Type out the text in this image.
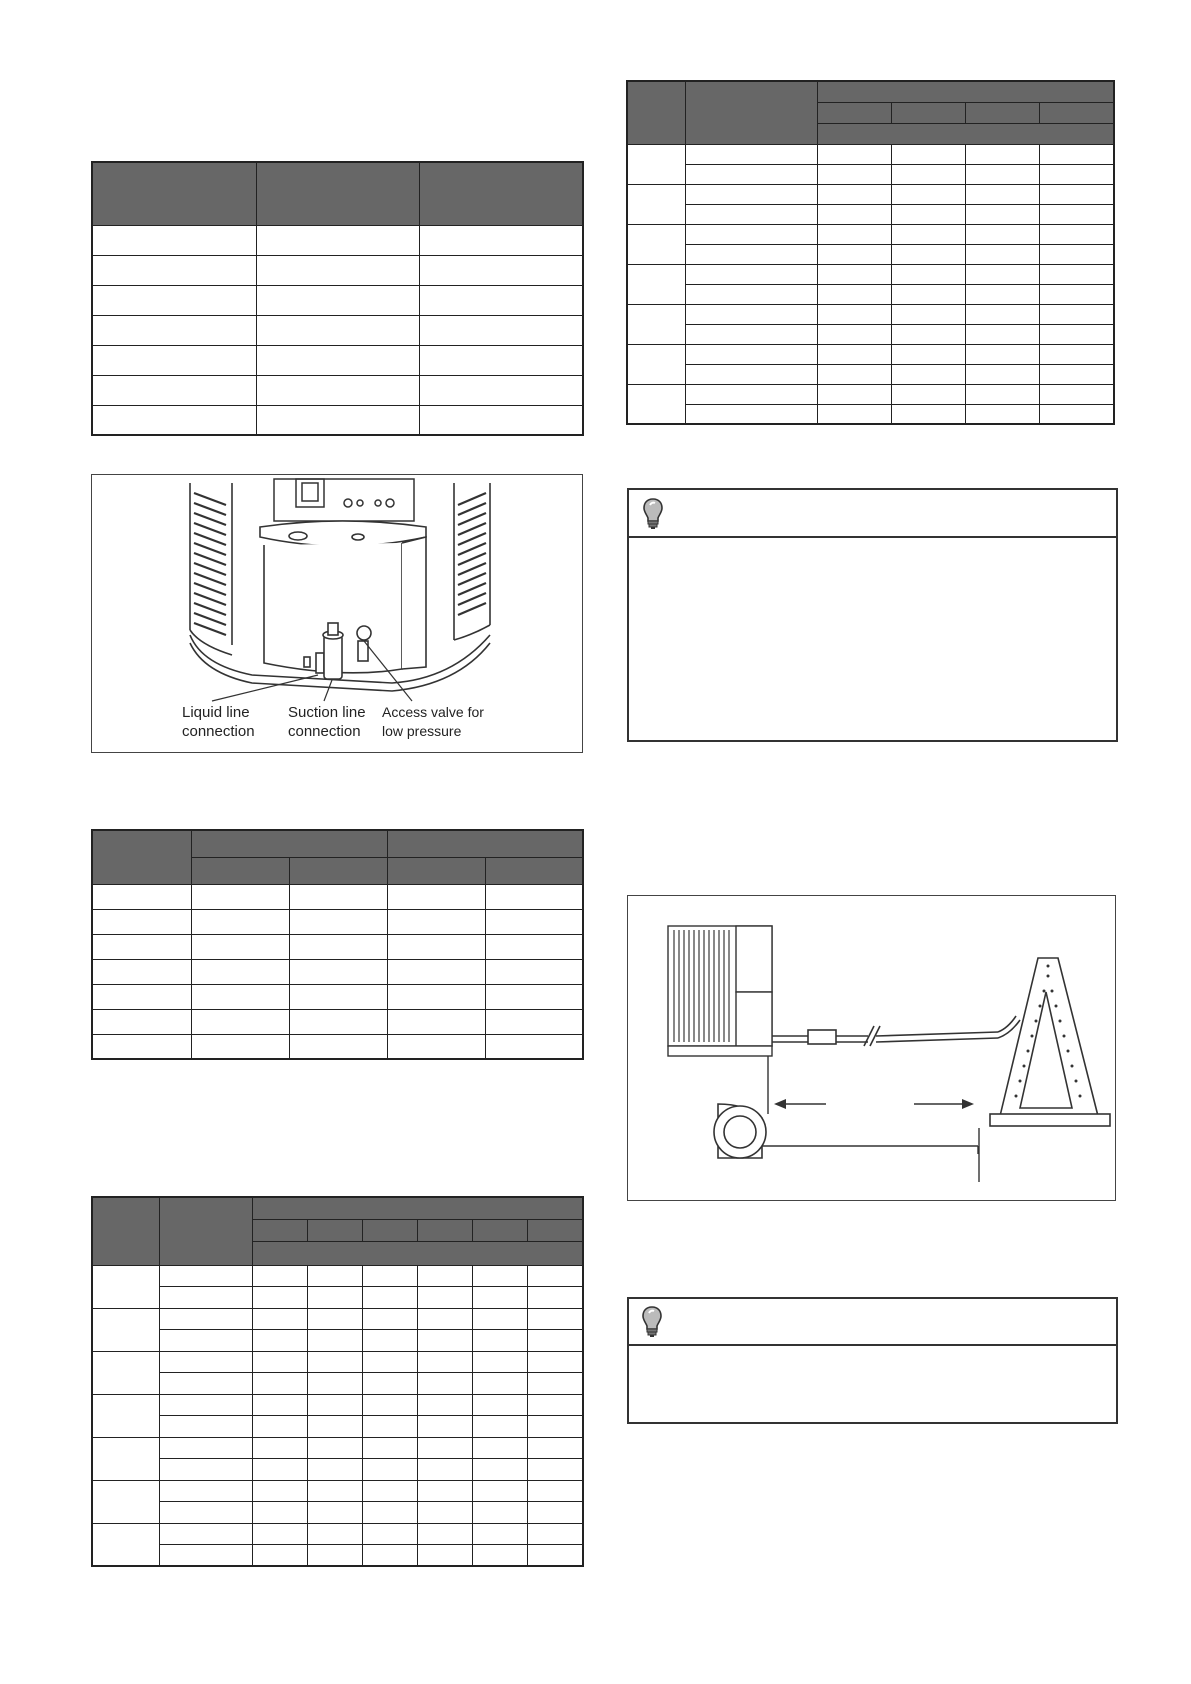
Liquid line
connection
Suction line
connection
Access valve for
low pressure
